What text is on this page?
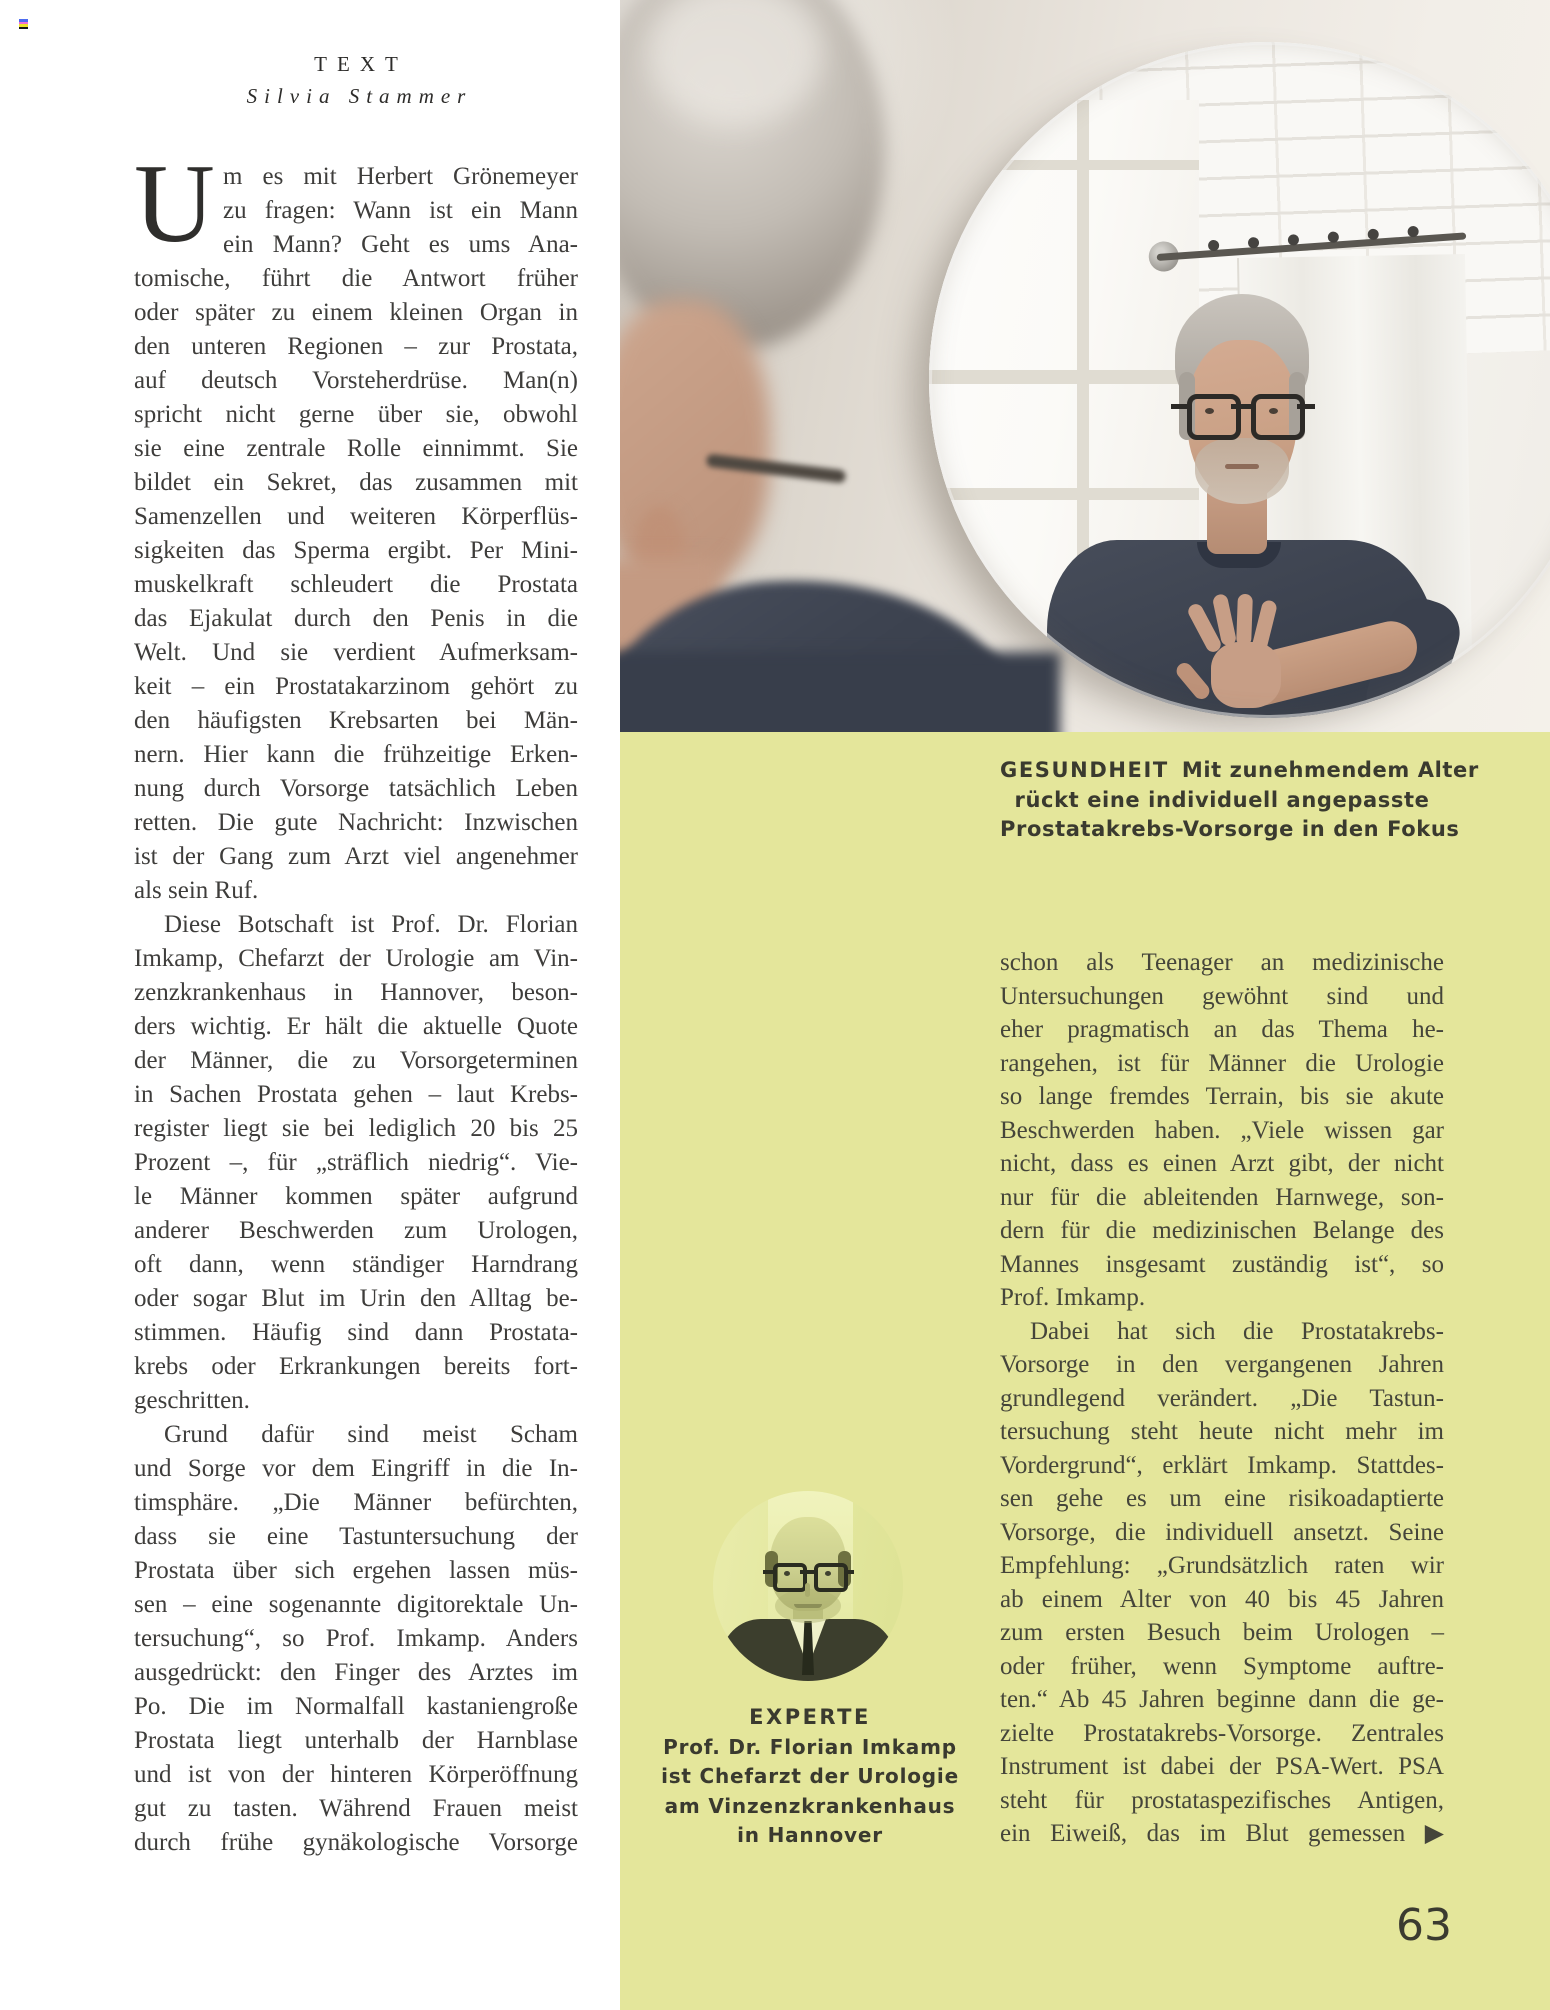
TEXT
Silvia Stammer
U m es mit Herbert Grönemeyer
zu fragen: Wann ist ein Mann
ein Mann? Geht es ums Ana-
tomische, führt die Antwort früher
oder später zu einem kleinen Organ in
den unteren Regionen – zur Prostata,
auf deutsch Vorsteherdrüse. Man(n)
spricht nicht gerne über sie, obwohl
sie eine zentrale Rolle einnimmt. Sie
bildet ein Sekret, das zusammen mit
Samenzellen und weiteren Körperflüs-
sigkeiten das Sperma ergibt. Per Mini-
muskelkraft schleudert die Prostata
das Ejakulat durch den Penis in die
Welt. Und sie verdient Aufmerksam-
keit – ein Prostatakarzinom gehört zu
den häufigsten Krebsarten bei Män-
nern. Hier kann die frühzeitige Erken-
nung durch Vorsorge tatsächlich Leben
retten. Die gute Nachricht: Inzwischen
ist der Gang zum Arzt viel angenehmer
als sein Ruf.
Diese Botschaft ist Prof. Dr. Florian
Imkamp, Chefarzt der Urologie am Vin-
zenzkrankenhaus in Hannover, beson-
ders wichtig. Er hält die aktuelle Quote
der Männer, die zu Vorsorgeterminen
in Sachen Prostata gehen – laut Krebs-
register liegt sie bei lediglich 20 bis 25
Prozent –, für „sträflich niedrig“. Vie-
le Männer kommen später aufgrund
anderer Beschwerden zum Urologen,
oft dann, wenn ständiger Harndrang
oder sogar Blut im Urin den Alltag be-
stimmen. Häufig sind dann Prostata-
krebs oder Erkrankungen bereits fort-
geschritten.
Grund dafür sind meist Scham
und Sorge vor dem Eingriff in die In-
timsphäre. „Die Männer befürchten,
dass sie eine Tastuntersuchung der
Prostata über sich ergehen lassen müs-
sen – eine sogenannte digitorektale Un-
tersuchung“, so Prof. Imkamp. Anders
ausgedrückt: den Finger des Arztes im
Po. Die im Normalfall kastaniengroße
Prostata liegt unterhalb der Harnblase
und ist von der hinteren Körperöffnung
gut zu tasten. Während Frauen meist
durch frühe gynäkologische Vorsorge
GESUNDHEIT Mit zunehmendem Alter
rückt eine individuell angepasste
Prostatakrebs-Vorsorge in den Fokus
EXPERTE
Prof. Dr. Florian Imkamp
ist Chefarzt der Urologie
am Vinzenzkrankenhaus
in Hannover
schon als Teenager an medizinische
Untersuchungen gewöhnt sind und
eher pragmatisch an das Thema he-
rangehen, ist für Männer die Urologie
so lange fremdes Terrain, bis sie akute
Beschwerden haben. „Viele wissen gar
nicht, dass es einen Arzt gibt, der nicht
nur für die ableitenden Harnwege, son-
dern für die medizinischen Belange des
Mannes insgesamt zuständig ist“, so
Prof. Imkamp.
Dabei hat sich die Prostatakrebs-
Vorsorge in den vergangenen Jahren
grundlegend verändert. „Die Tastun-
tersuchung steht heute nicht mehr im
Vordergrund“, erklärt Imkamp. Stattdes-
sen gehe es um eine risikoadaptierte
Vorsorge, die individuell ansetzt. Seine
Empfehlung: „Grundsätzlich raten wir
ab einem Alter von 40 bis 45 Jahren
zum ersten Besuch beim Urologen –
oder früher, wenn Symptome auftre-
ten.“ Ab 45 Jahren beginne dann die ge-
zielte Prostatakrebs-Vorsorge. Zentrales
Instrument ist dabei der PSA-Wert. PSA
steht für prostataspezifisches Antigen,
ein Eiweiß, das im Blut gemessen ▶
63
